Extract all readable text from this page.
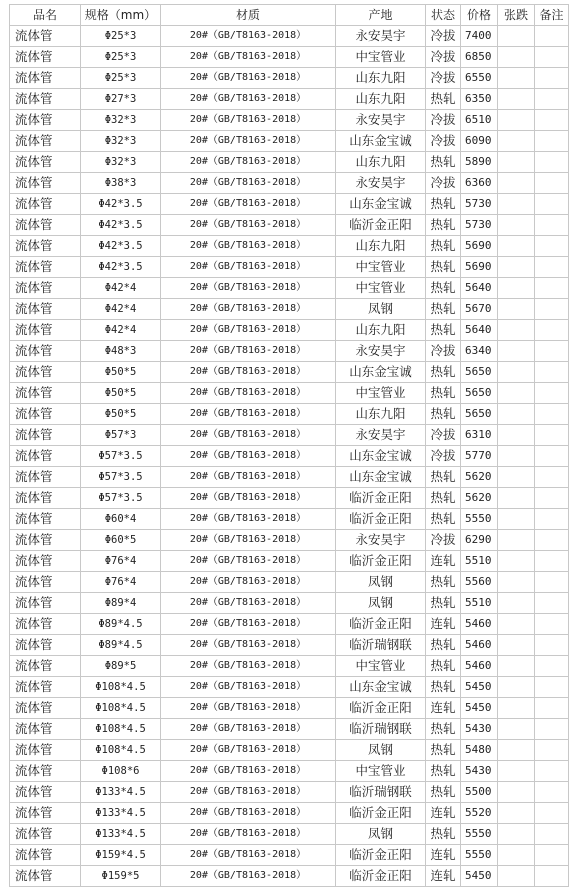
品名	规格（mm）	材质	产地	状态	价格	张跌	备注
流体管	Φ25*3	20#（GB/T8163-2018）	永安昊宇	冷拔	7400		
流体管	Φ25*3	20#（GB/T8163-2018）	中宝管业	冷拔	6850		
流体管	Φ25*3	20#（GB/T8163-2018）	山东九阳	冷拔	6550		
流体管	Φ27*3	20#（GB/T8163-2018）	山东九阳	热轧	6350		
流体管	Φ32*3	20#（GB/T8163-2018）	永安昊宇	冷拔	6510		
流体管	Φ32*3	20#（GB/T8163-2018）	山东金宝诚	冷拔	6090		
流体管	Φ32*3	20#（GB/T8163-2018）	山东九阳	热轧	5890		
流体管	Φ38*3	20#（GB/T8163-2018）	永安昊宇	冷拔	6360		
流体管	Φ42*3.5	20#（GB/T8163-2018）	山东金宝诚	热轧	5730		
流体管	Φ42*3.5	20#（GB/T8163-2018）	临沂金正阳	热轧	5730		
流体管	Φ42*3.5	20#（GB/T8163-2018）	山东九阳	热轧	5690		
流体管	Φ42*3.5	20#（GB/T8163-2018）	中宝管业	热轧	5690		
流体管	Φ42*4	20#（GB/T8163-2018）	中宝管业	热轧	5640		
流体管	Φ42*4	20#（GB/T8163-2018）	凤钢	热轧	5670		
流体管	Φ42*4	20#（GB/T8163-2018）	山东九阳	热轧	5640		
流体管	Φ48*3	20#（GB/T8163-2018）	永安昊宇	冷拔	6340		
流体管	Φ50*5	20#（GB/T8163-2018）	山东金宝诚	热轧	5650		
流体管	Φ50*5	20#（GB/T8163-2018）	中宝管业	热轧	5650		
流体管	Φ50*5	20#（GB/T8163-2018）	山东九阳	热轧	5650		
流体管	Φ57*3	20#（GB/T8163-2018）	永安昊宇	冷拔	6310		
流体管	Φ57*3.5	20#（GB/T8163-2018）	山东金宝诚	冷拔	5770		
流体管	Φ57*3.5	20#（GB/T8163-2018）	山东金宝诚	热轧	5620		
流体管	Φ57*3.5	20#（GB/T8163-2018）	临沂金正阳	热轧	5620		
流体管	Φ60*4	20#（GB/T8163-2018）	临沂金正阳	热轧	5550		
流体管	Φ60*5	20#（GB/T8163-2018）	永安昊宇	冷拔	6290		
流体管	Φ76*4	20#（GB/T8163-2018）	临沂金正阳	连轧	5510		
流体管	Φ76*4	20#（GB/T8163-2018）	凤钢	热轧	5560		
流体管	Φ89*4	20#（GB/T8163-2018）	凤钢	热轧	5510		
流体管	Φ89*4.5	20#（GB/T8163-2018）	临沂金正阳	连轧	5460		
流体管	Φ89*4.5	20#（GB/T8163-2018）	临沂瑞钢联	热轧	5460		
流体管	Φ89*5	20#（GB/T8163-2018）	中宝管业	热轧	5460		
流体管	Φ108*4.5	20#（GB/T8163-2018）	山东金宝诚	热轧	5450		
流体管	Φ108*4.5	20#（GB/T8163-2018）	临沂金正阳	连轧	5450		
流体管	Φ108*4.5	20#（GB/T8163-2018）	临沂瑞钢联	热轧	5430		
流体管	Φ108*4.5	20#（GB/T8163-2018）	凤钢	热轧	5480		
流体管	Φ108*6	20#（GB/T8163-2018）	中宝管业	热轧	5430		
流体管	Φ133*4.5	20#（GB/T8163-2018）	临沂瑞钢联	热轧	5500		
流体管	Φ133*4.5	20#（GB/T8163-2018）	临沂金正阳	连轧	5520		
流体管	Φ133*4.5	20#（GB/T8163-2018）	凤钢	热轧	5550		
流体管	Φ159*4.5	20#（GB/T8163-2018）	临沂金正阳	连轧	5550		
流体管	Φ159*5	20#（GB/T8163-2018）	临沂金正阳	连轧	5450		
